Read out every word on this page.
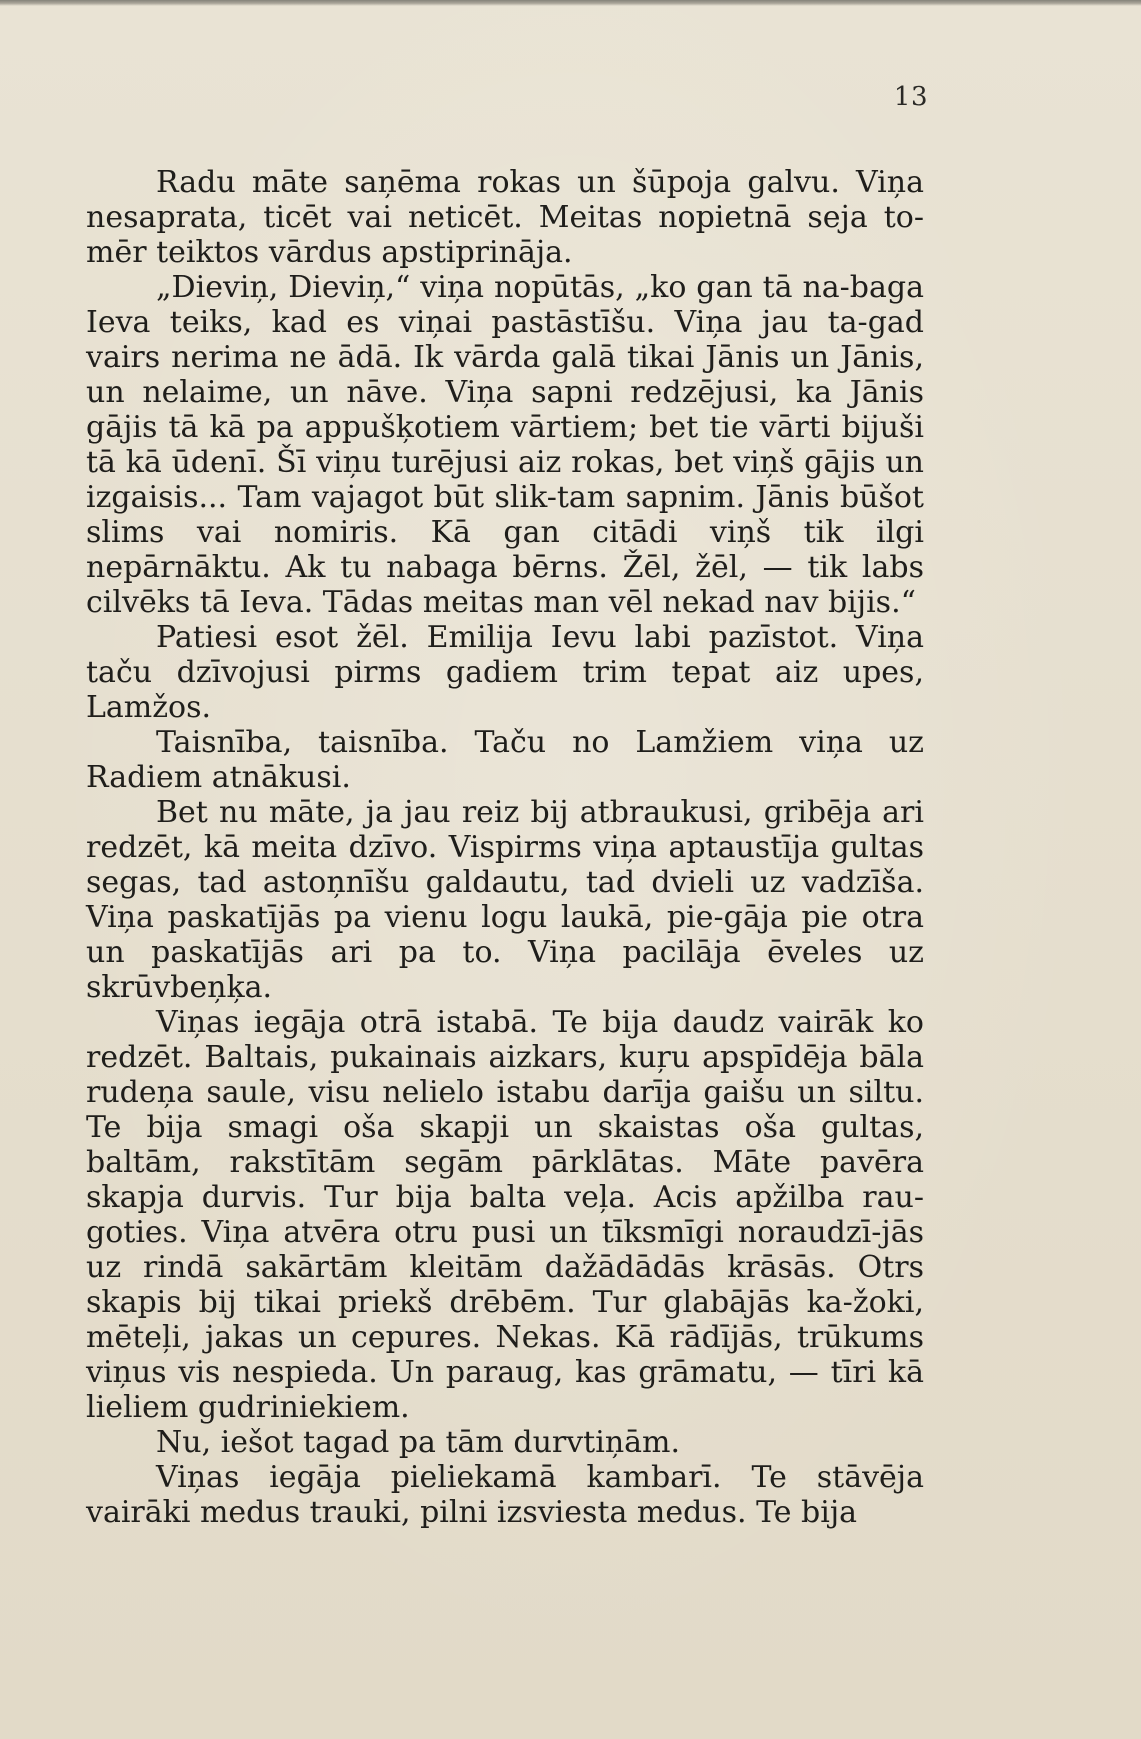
13

Radu māte saņēma rokas un šūpoja galvu. Viņa nesaprata, ticēt vai neticēt. Meitas nopietnā seja to-mēr teiktos vārdus apstiprināja.

„Dieviņ, Dieviņ,“ viņa nopūtās, „ko gan tā na-baga Ieva teiks, kad es viņai pastāstīšu. Viņa jau ta-gad vairs nerima ne ādā. Ik vārda galā tikai Jānis un Jānis, un nelaime, un nāve. Viņa sapni redzējusi, ka Jānis gājis tā kā pa appušķotiem vārtiem; bet tie vārti bijuši tā kā ūdenī. Šī viņu turējusi aiz rokas, bet viņš gājis un izgaisis... Tam vajagot būt slik-tam sapnim. Jānis būšot slims vai nomiris. Kā gan citādi viņš tik ilgi nepārnāktu. Ak tu nabaga bērns. Žēl, žēl, — tik labs cilvēks tā Ieva. Tādas meitas man vēl nekad nav bijis.“

Patiesi esot žēl. Emilija Ievu labi pazīstot. Viņa taču dzīvojusi pirms gadiem trim tepat aiz upes, Lamžos.

Taisnība, taisnība. Taču no Lamžiem viņa uz Radiem atnākusi.

Bet nu māte, ja jau reiz bij atbraukusi, gribēja ari redzēt, kā meita dzīvo. Vispirms viņa aptaustīja gultas segas, tad astoņnīšu galdautu, tad dvieli uz vadzīša. Viņa paskatījās pa vienu logu laukā, pie-gāja pie otra un paskatījās ari pa to. Viņa pacilāja ēveles uz skrūvbeņķa.

Viņas iegāja otrā istabā. Te bija daudz vairāk ko redzēt. Baltais, pukainais aizkars, kuŗu apspīdēja bāla rudeņa saule, visu nelielo istabu darīja gaišu un siltu. Te bija smagi oša skapji un skaistas oša gultas, baltām, rakstītām segām pārklātas. Māte pavēra skapja durvis. Tur bija balta veļa. Acis apžilba rau-goties. Viņa atvēra otru pusi un tīksmīgi noraudzī-jās uz rindā sakārtām kleitām dažādādās krāsās. Otrs skapis bij tikai priekš drēbēm. Tur glabājās ka-žoki, mēteļi, jakas un cepures. Nekas. Kā rādījās, trūkums viņus vis nespieda. Un paraug, kas grāmatu, — tīri kā lieliem gudriniekiem.

Nu, iešot tagad pa tām durvtiņām.

Viņas iegāja pieliekamā kambarī. Te stāvēja vairāki medus trauki, pilni izsviesta medus. Te bija
